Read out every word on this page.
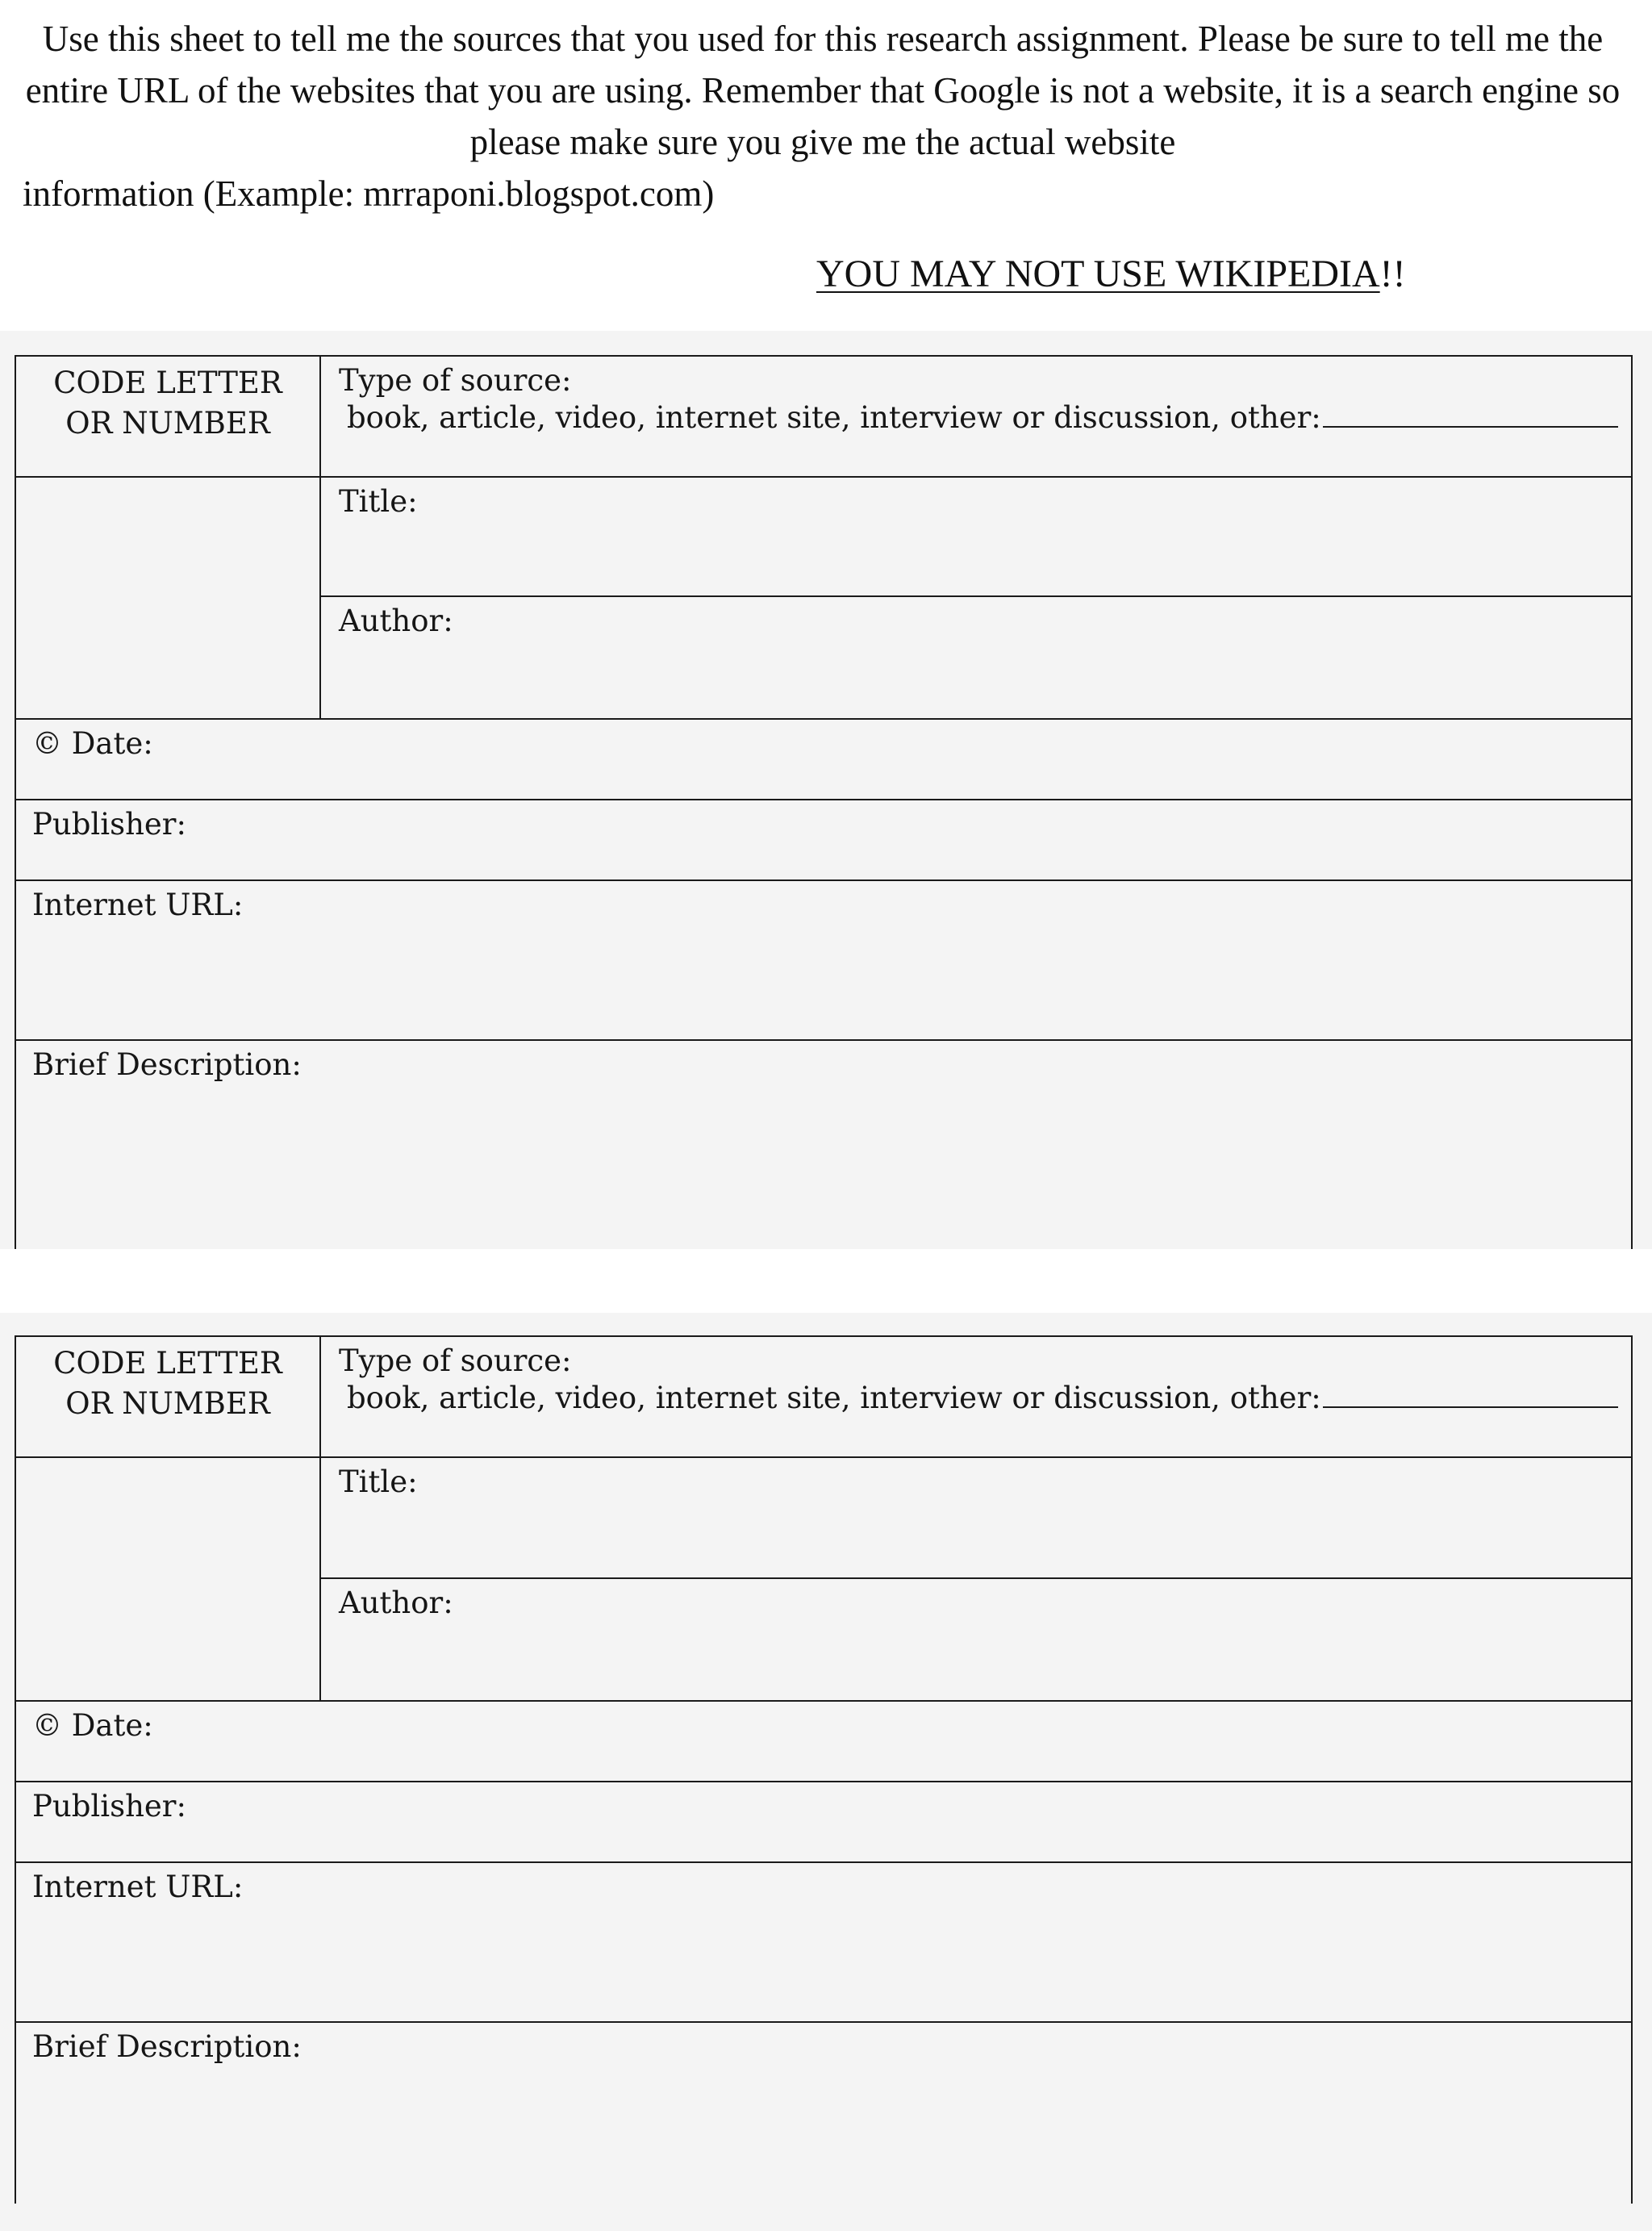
Use this sheet to tell me the sources that you used for this research assignment. Please be sure to tell me the entire URL of the websites that you are using. Remember that Google is not a website, it is a search engine so please make sure you give me the actual website
information (Example: mrraponi.blogspot.com)
YOU MAY NOT USE WIKIPEDIA!!
CODE LETTER
OR NUMBER
Type of source:
book, article, video, internet site, interview or discussion, other:
Title:
Author:
© Date:
Publisher:
Internet URL:
Brief Description:
CODE LETTER
OR NUMBER
Type of source:
book, article, video, internet site, interview or discussion, other:
Title:
Author:
© Date:
Publisher:
Internet URL:
Brief Description:
